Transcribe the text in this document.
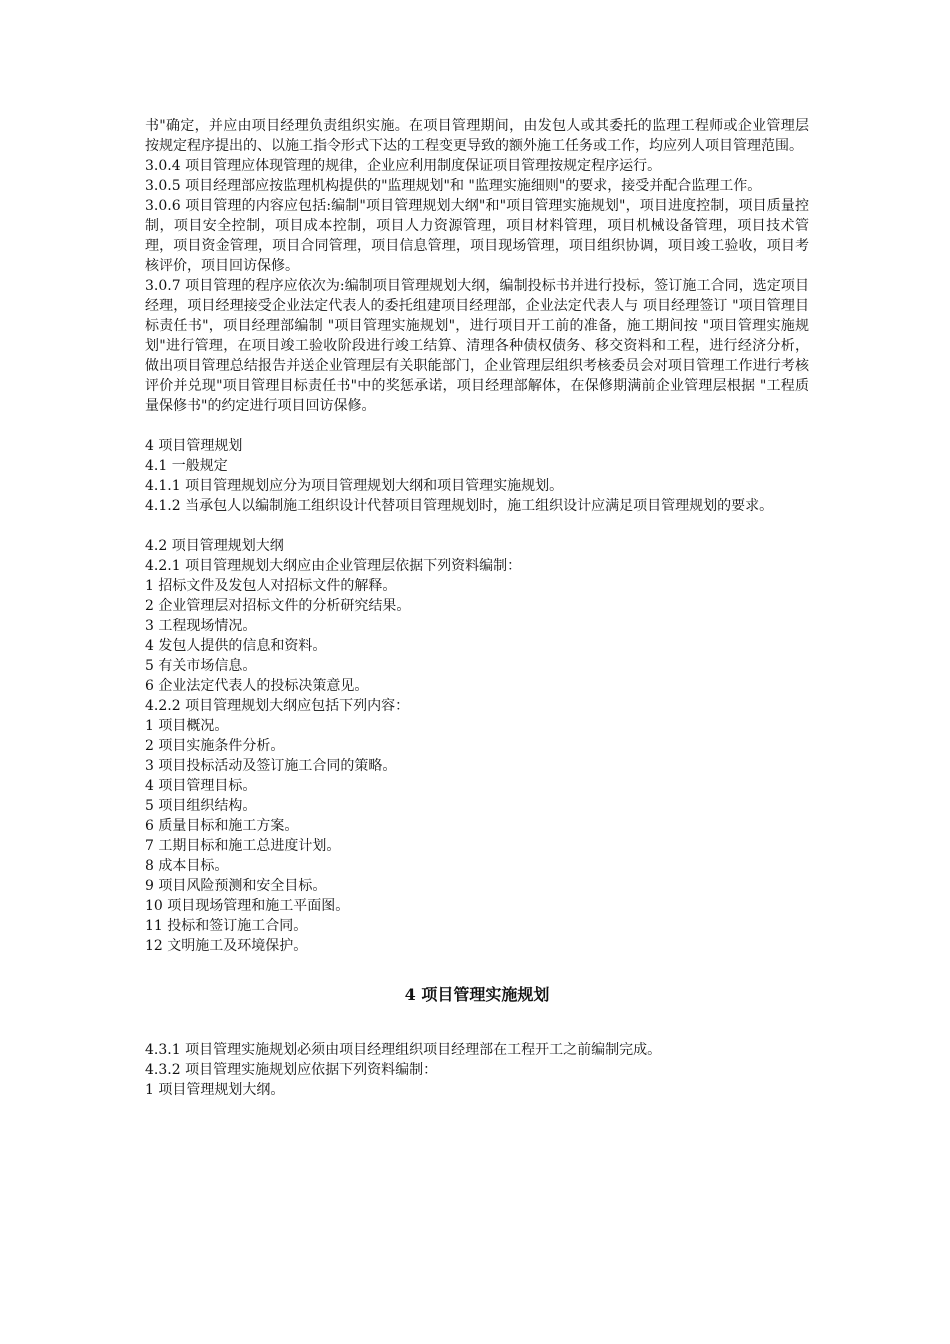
书"确定，并应由项目经理负责组织实施。在项目管理期间，由发包人或其委托的监理工程师或企业管理层按规定程序提出的、以施工指令形式下达的工程变更导致的额外施工任务或工作，均应列人项目管理范围。

3.0.4 项目管理应体现管理的规律，企业应利用制度保证项目管理按规定程序运行。

3.0.5 项目经理部应按监理机构提供的"监理规划"和 "监理实施细则"的要求，接受并配合监理工作。

3.0.6 项目管理的内容应包括:编制"项目管理规划大纲"和"项目管理实施规划"，项目进度控制，项目质量控制，项目安全控制，项目成本控制，项目人力资源管理，项目材料管理，项目机械设备管理，项目技术管理，项目资金管理，项目合同管理，项目信息管理，项目现场管理，项目组织协调，项目竣工验收，项目考核评价，项目回访保修。

3.0.7 项目管理的程序应依次为:编制项目管理规划大纲，编制投标书并进行投标，签订施工合同，选定项目经理，项目经理接受企业法定代表人的委托组建项目经理部，企业法定代表人与 项目经理签订 "项目管理目标责任书"，项目经理部编制 "项目管理实施规划"，进行项目开工前的准备，施工期间按 "项目管理实施规划"进行管理，在项目竣工验收阶段进行竣工结算、清理各种债权债务、移交资料和工程，进行经济分析，做出项目管理总结报告并送企业管理层有关职能部门，企业管理层组织考核委员会对项目管理工作进行考核评价并兑现"项目管理目标责任书"中的奖惩承诺，项目经理部解体，在保修期满前企业管理层根据 "工程质量保修书"的约定进行项目回访保修。

4 项目管理规划

4.1 一般规定

4.1.1 项目管理规划应分为项目管理规划大纲和项目管理实施规划。

4.1.2 当承包人以编制施工组织设计代替项目管理规划时，施工组织设计应满足项目管理规划的要求。

4.2 项目管理规划大纲

4.2.1 项目管理规划大纲应由企业管理层依据下列资料编制：

1 招标文件及发包人对招标文件的解释。

2 企业管理层对招标文件的分析研究结果。

3 工程现场情况。

4 发包人提供的信息和资料。

5 有关市场信息。

6 企业法定代表人的投标决策意见。

4.2.2 项目管理规划大纲应包括下列内容：

1 项目概况。

2 项目实施条件分析。

3 项目投标活动及签订施工合同的策略。

4 项目管理目标。

5 项目组织结构。

6 质量目标和施工方案。

7 工期目标和施工总进度计划。

8 成本目标。

9 项目风险预测和安全目标。

10 项目现场管理和施工平面图。

11 投标和签订施工合同。

12 文明施工及环境保护。

4 项目管理实施规划

4.3.1 项目管理实施规划必须由项目经理组织项目经理部在工程开工之前编制完成。

4.3.2 项目管理实施规划应依据下列资料编制：

1 项目管理规划大纲。
